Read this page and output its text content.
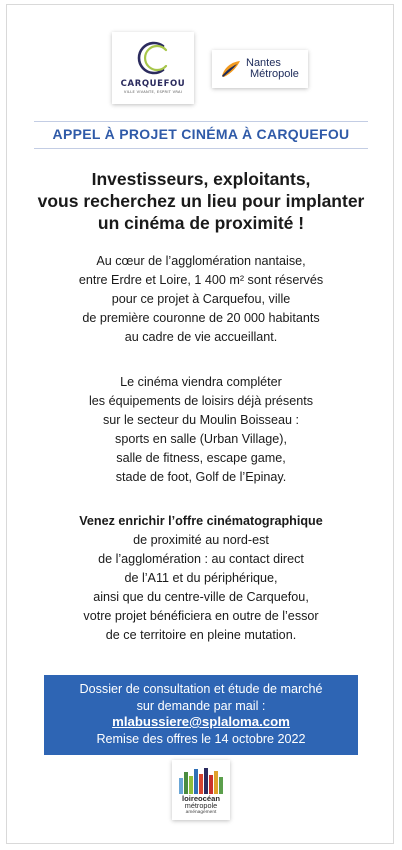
CARQUEFOU
VILLE VIVANTE, ESPRIT VRAI
Nantes
Métropole
APPEL À PROJET CINÉMA À CARQUEFOU
Investisseurs, exploitants,
vous recherchez un lieu pour implanter
un cinéma de proximité !
Au cœur de l’agglomération nantaise,
entre Erdre et Loire, 1 400 m² sont réservés
pour ce projet à Carquefou, ville
de première couronne de 20 000 habitants
au cadre de vie accueillant.
Le cinéma viendra compléter
les équipements de loisirs déjà présents
sur le secteur du Moulin Boisseau :
sports en salle (Urban Village),
salle de fitness, escape game,
stade de foot, Golf de l’Epinay.
Venez enrichir l’offre cinématographique
de proximité au nord-est
de l’agglomération : au contact direct
de l’A11 et du périphérique,
ainsi que du centre-ville de Carquefou,
votre projet bénéficiera en outre de l’essor
de ce territoire en pleine mutation.
Dossier de consultation et étude de marché
sur demande par mail :
mlabussiere@splaloma.com
Remise des offres le 14 octobre 2022
loireocéan
métropole
aménagement
